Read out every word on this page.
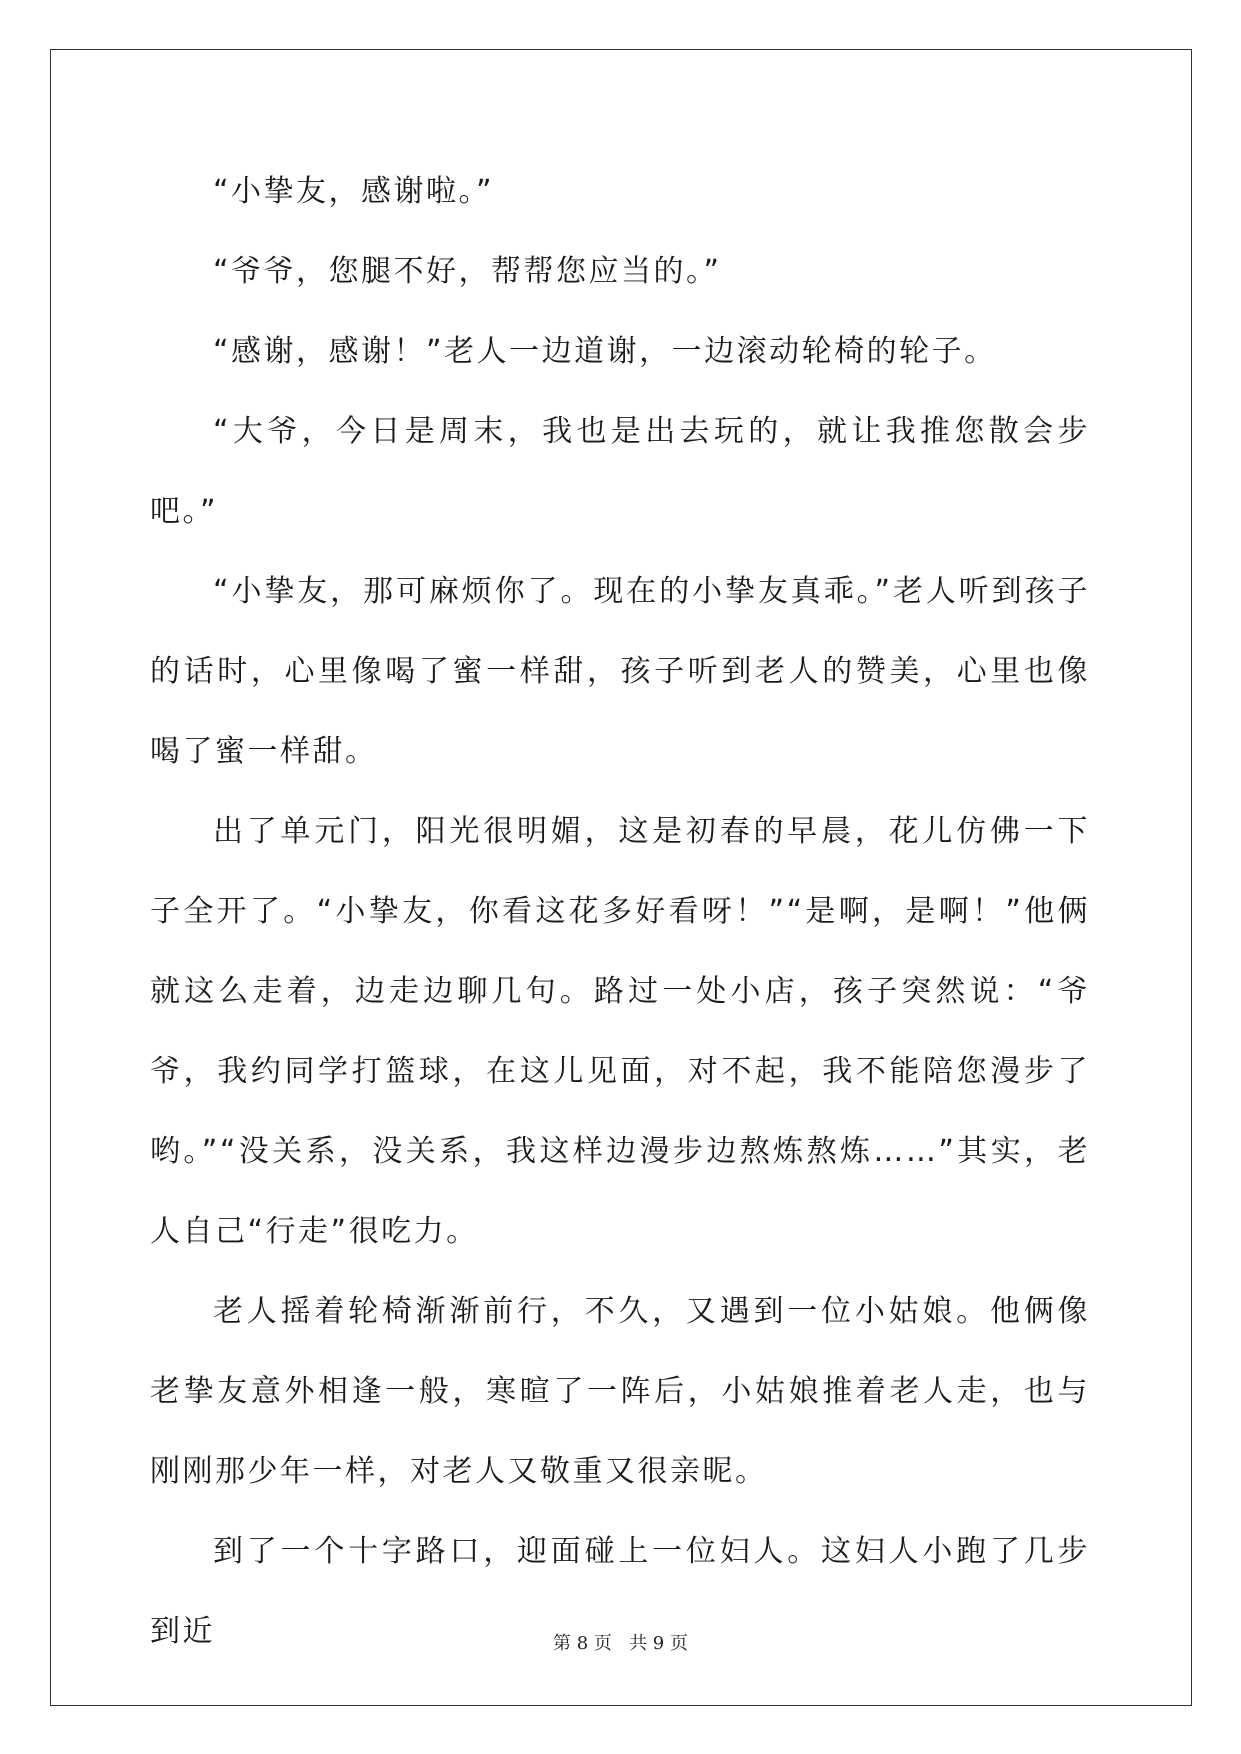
“小挚友，感谢啦。”

“爷爷，您腿不好，帮帮您应当的。”

“感谢，感谢！”老人一边道谢，一边滚动轮椅的轮子。

“大爷，今日是周末，我也是出去玩的，就让我推您散会步吧。”

“小挚友，那可麻烦你了。现在的小挚友真乖。”老人听到孩子的话时，心里像喝了蜜一样甜，孩子听到老人的赞美，心里也像喝了蜜一样甜。

出了单元门，阳光很明媚，这是初春的早晨，花儿仿佛一下子全开了。“小挚友，你看这花多好看呀！”“是啊，是啊！”他俩就这么走着，边走边聊几句。路过一处小店，孩子突然说：“爷爷，我约同学打篮球，在这儿见面，对不起，我不能陪您漫步了哟。”“没关系，没关系，我这样边漫步边熬炼熬炼……”其实，老人自己“行走”很吃力。

老人摇着轮椅渐渐前行，不久，又遇到一位小姑娘。他俩像老挚友意外相逢一般，寒暄了一阵后，小姑娘推着老人走，也与刚刚那少年一样，对老人又敬重又很亲昵。

到了一个十字路口，迎面碰上一位妇人。这妇人小跑了几步到近	第 8 页 共 9 页
